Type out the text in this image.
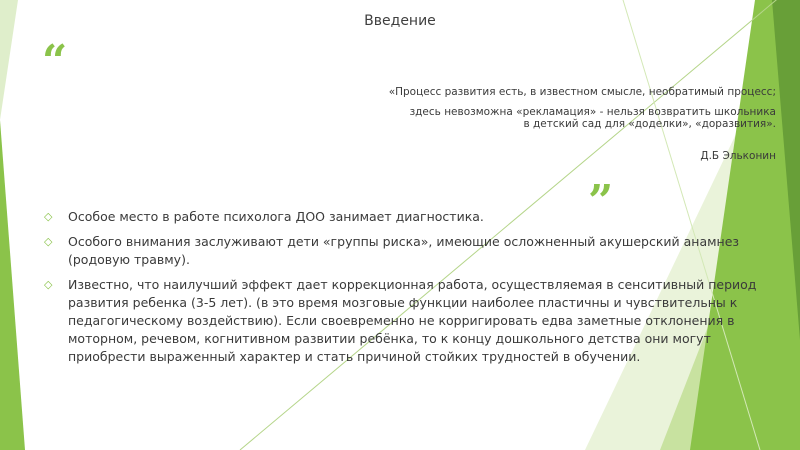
Введение
“
”
«Процесс развития есть, в известном смысле, необратимый процесс;
здесь невозможна «рекламация» - нельзя возвратить школьника
в детский сад для «доделки», «доразвития».
Д.Б Эльконин
◇ Особое место в работе психолога ДОО занимает диагностика.
◇ Особого внимания заслуживают дети «группы риска», имеющие осложненный акушерский анамнез (родовую травму).
◇ Известно, что наилучший эффект дает коррекционная работа, осуществляемая в сенситивный период развития ребенка (3-5 лет). (в это время мозговые функции наиболее пластичны и чувствительны к педагогическому воздействию). Если своевременно не корригировать едва заметные отклонения в моторном, речевом, когнитивном развитии ребёнка, то к концу дошкольного детства они могут приобрести выраженный характер и стать причиной стойких трудностей в обучении.
